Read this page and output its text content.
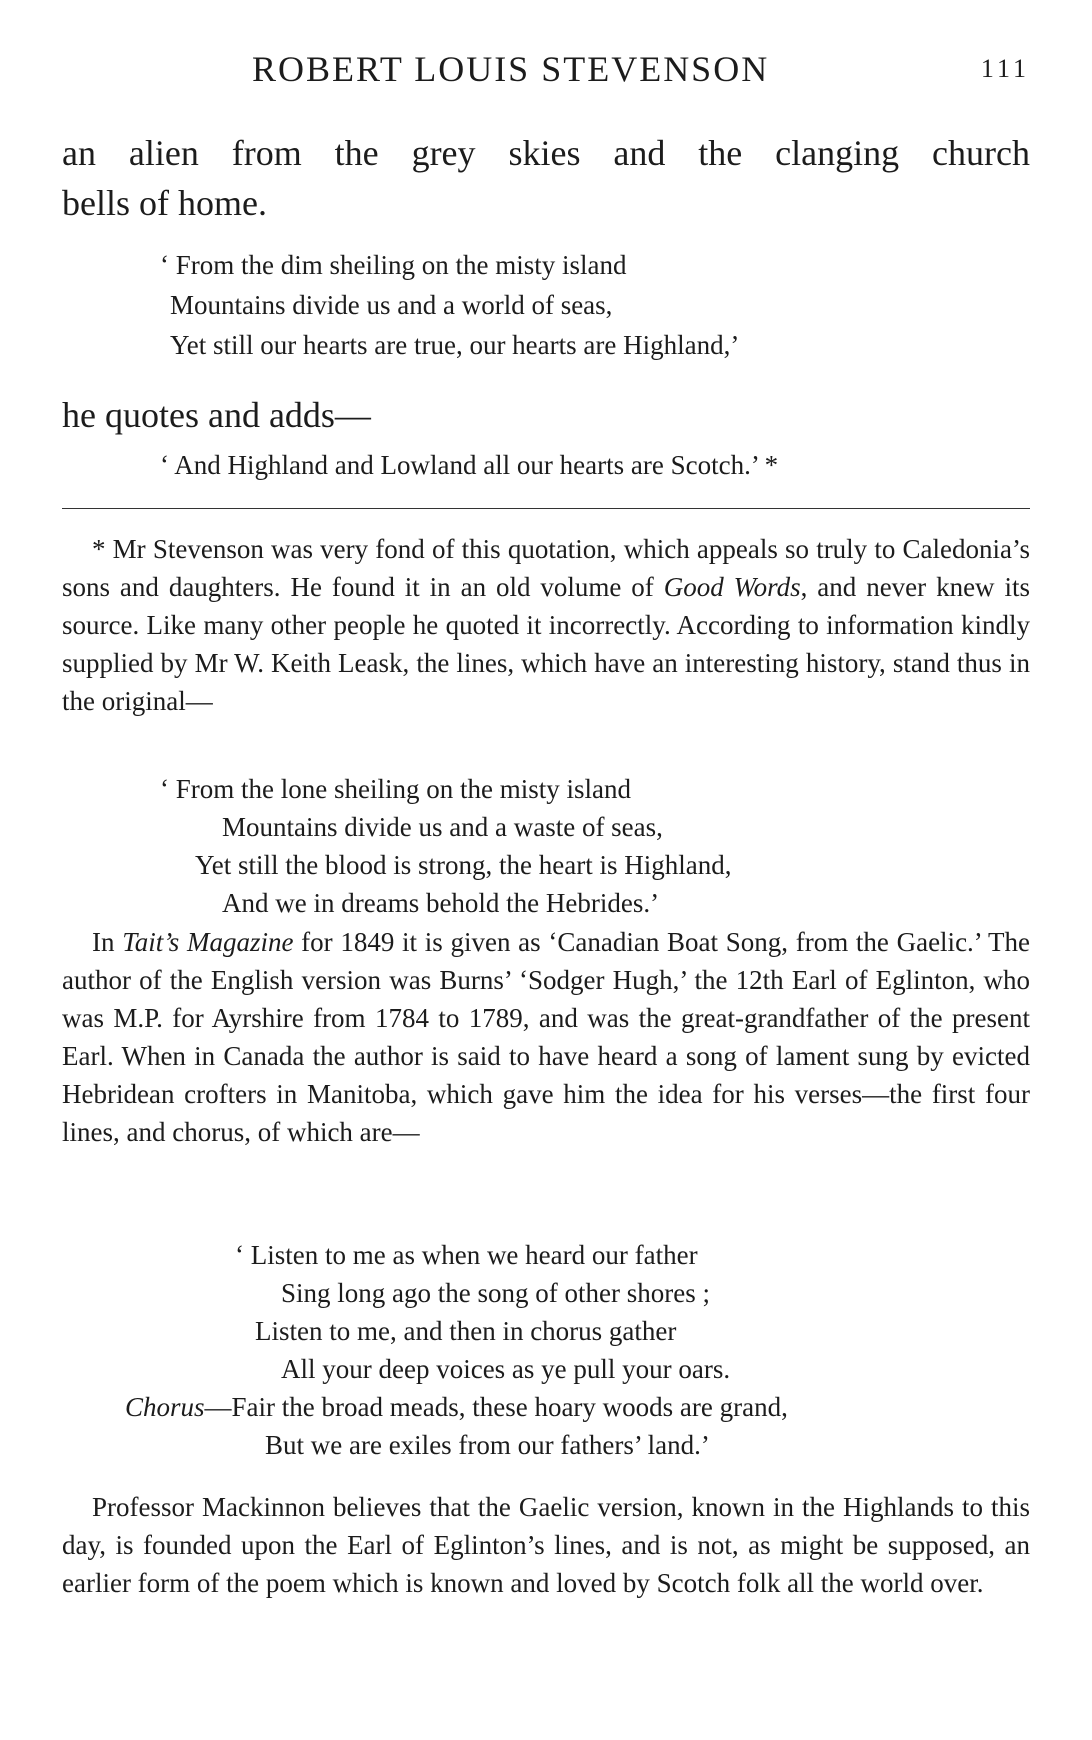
ROBERT LOUIS STEVENSON	111
an alien from the grey skies and the clanging church
bells of home.
‘ From the dim sheiling on the misty island
Mountains divide us and a world of seas,
Yet still our hearts are true, our hearts are Highland,’
he quotes and adds—
‘ And Highland and Lowland all our hearts are Scotch.’ *
* Mr Stevenson was very fond of this quotation, which appeals so truly to Caledonia’s sons and daughters. He found it in an old volume of Good Words, and never knew its source. Like many other people he quoted it incorrectly. According to information kindly supplied by Mr W. Keith Leask, the lines, which have an interesting history, stand thus in the original—
‘ From the lone sheiling on the misty island
Mountains divide us and a waste of seas,
Yet still the blood is strong, the heart is Highland,
And we in dreams behold the Hebrides.’
In Tait’s Magazine for 1849 it is given as ‘Canadian Boat Song, from the Gaelic.’ The author of the English version was Burns’ ‘Sodger Hugh,’ the 12th Earl of Eglinton, who was M.P. for Ayrshire from 1784 to 1789, and was the great-grandfather of the present Earl. When in Canada the author is said to have heard a song of lament sung by evicted Hebridean crofters in Manitoba, which gave him the idea for his verses—the first four lines, and chorus, of which are—
‘ Listen to me as when we heard our father
Sing long ago the song of other shores ;
Listen to me, and then in chorus gather
All your deep voices as ye pull your oars.
Chorus—Fair the broad meads, these hoary woods are grand,
But we are exiles from our fathers’ land.’
Professor Mackinnon believes that the Gaelic version, known in the Highlands to this day, is founded upon the Earl of Eglinton’s lines, and is not, as might be supposed, an earlier form of the poem which is known and loved by Scotch folk all the world over.
